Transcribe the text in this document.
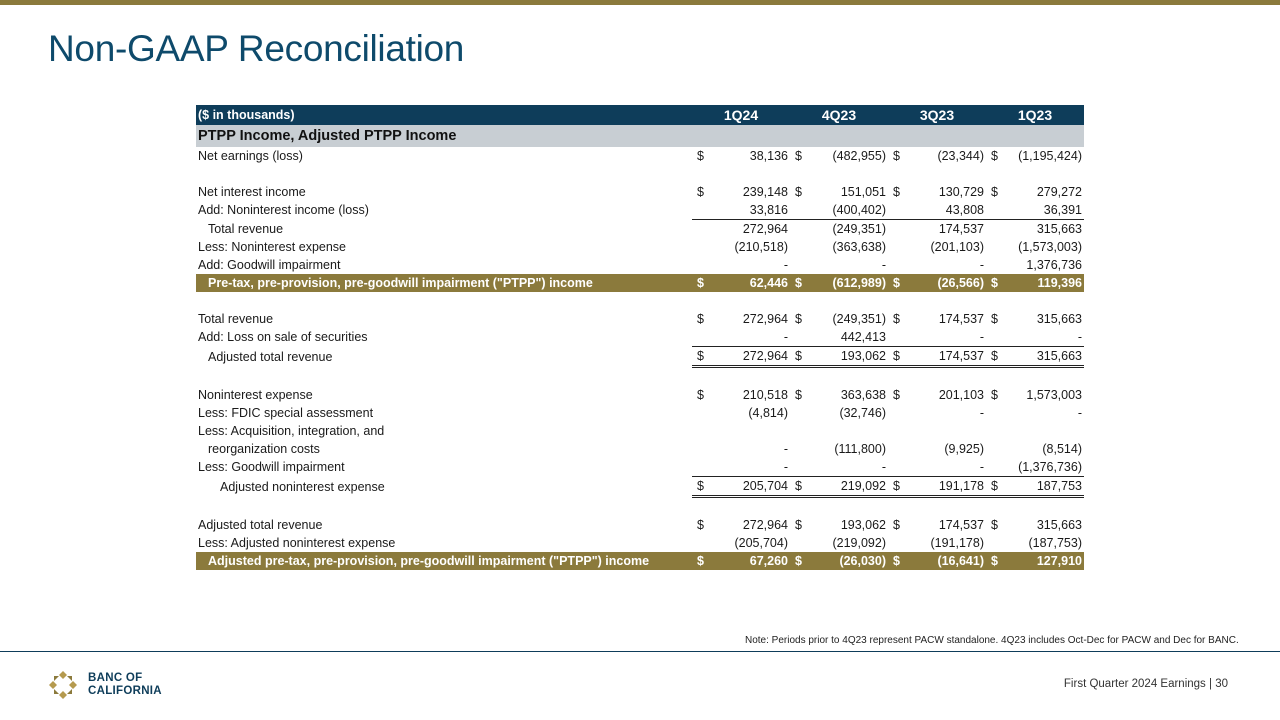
Non-GAAP Reconciliation
($ in thousands)	1Q24		4Q23		3Q23		1Q23	
PTPP Income, Adjusted PTPP Income								
Net earnings (loss)	$	38,136	$	(482,955)	$	(23,344)	$	(1,195,424)

Net interest income	$	239,148	$	151,051	$	130,729	$	279,272
Add: Noninterest income (loss)		33,816		(400,402)		43,808		36,391
Total revenue		272,964		(249,351)		174,537		315,663
Less: Noninterest expense		(210,518)		(363,638)		(201,103)		(1,573,003)
Add: Goodwill impairment		-		-		-		1,376,736
Pre-tax, pre-provision, pre-goodwill impairment ("PTPP") income	$	62,446	$	(612,989)	$	(26,566)	$	119,396

Total revenue	$	272,964	$	(249,351)	$	174,537	$	315,663
Add: Loss on sale of securities		-		442,413		-		-
Adjusted total revenue	$	272,964	$	193,062	$	174,537	$	315,663

Noninterest expense	$	210,518	$	363,638	$	201,103	$	1,573,003
Less: FDIC special assessment		(4,814)		(32,746)		-		-
Less: Acquisition, integration, and								
reorganization costs		-		(111,800)		(9,925)		(8,514)
Less: Goodwill impairment		-		-		-		(1,376,736)
Adjusted noninterest expense	$	205,704	$	219,092	$	191,178	$	187,753

Adjusted total revenue	$	272,964	$	193,062	$	174,537	$	315,663
Less: Adjusted noninterest expense		(205,704)		(219,092)		(191,178)		(187,753)
Adjusted pre-tax, pre-provision, pre-goodwill impairment ("PTPP") income	$	67,260	$	(26,030)	$	(16,641)	$	127,910
Note: Periods prior to 4Q23 represent PACW standalone. 4Q23 includes Oct-Dec for PACW and Dec for BANC.
BANC OF
CALIFORNIA
First Quarter 2024 Earnings | 30
